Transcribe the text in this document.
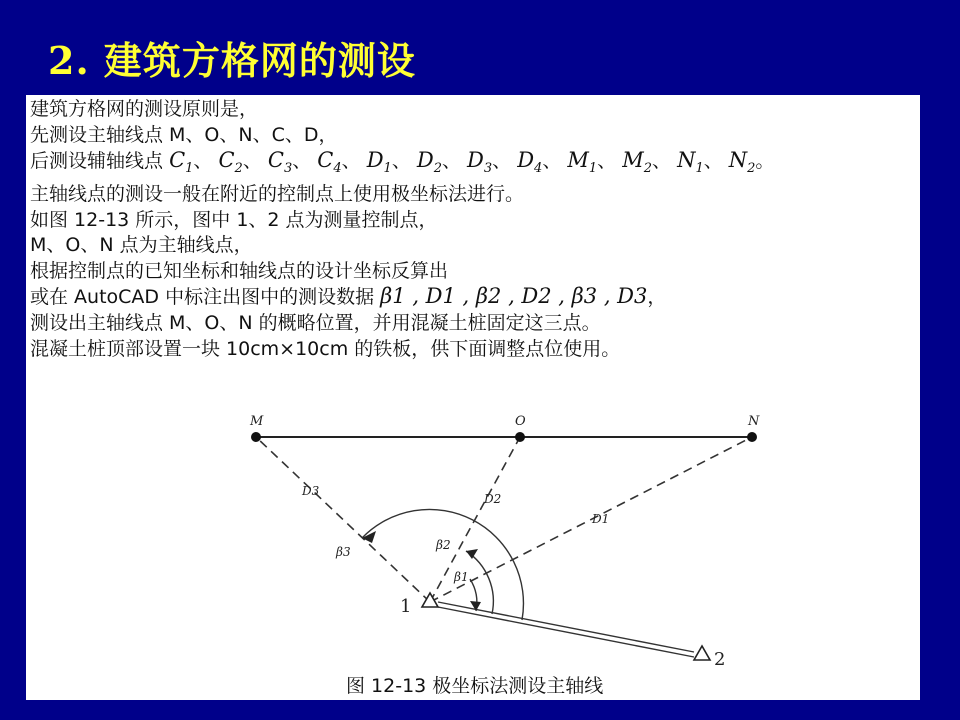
2. 建筑方格网的测设
建筑方格网的测设原则是，
先测设主轴线点 M、O、N、C、D，
后测设辅轴线点 $C_1$、 $C_2$、 $C_3$、 $C_4$、 $D_1$、 $D_2$、 $D_3$、 $D_4$、 $M_1$、 $M_2$、 $N_1$、 $N_2$。
主轴线点的测设一般在附近的控制点上使用极坐标法进行。
如图 12-13 所示，图中 1、2 点为测量控制点，
M、O、N 点为主轴线点，
根据控制点的已知坐标和轴线点的设计坐标反算出
或在 AutoCAD 中标注出图中的测设数据 β1 , D1 , β2 , D2 , β3 , D3，
测设出主轴线点 M、O、N 的概略位置，并用混凝土桩固定这三点。
混凝土桩顶部设置一块 10cm×10cm 的铁板，供下面调整点位使用。
M	O	N
1
2
D3
D2
D1
β3	β2
β1
图 12-13 极坐标法测设主轴线
